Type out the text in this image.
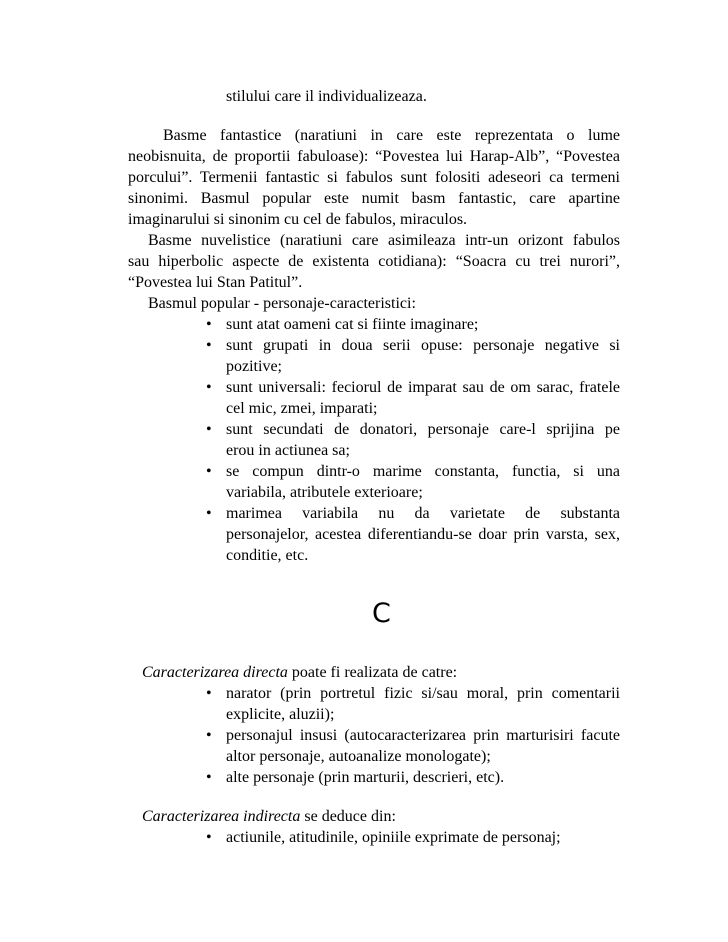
stilului care il individualizeaza.
Basme fantastice (naratiuni in care este reprezentata o lume
neobisnuita, de proportii fabuloase): “Povestea lui Harap-Alb”, “Povestea
porcului”. Termenii fantastic si fabulos sunt folositi adeseori ca termeni
sinonimi. Basmul popular este numit basm fantastic, care apartine
imaginarului si sinonim cu cel de fabulos, miraculos.
Basme nuvelistice (naratiuni care asimileaza intr-un orizont fabulos
sau hiperbolic aspecte de existenta cotidiana): “Soacra cu trei nurori”,
“Povestea lui Stan Patitul”.
Basmul popular - personaje-caracteristici:
• sunt atat oameni cat si fiinte imaginare;
• sunt grupati in doua serii opuse: personaje negative si
pozitive;
• sunt universali: feciorul de imparat sau de om sarac, fratele
cel mic, zmei, imparati;
• sunt secundati de donatori, personaje care-l sprijina pe
erou in actiunea sa;
• se compun dintr-o marime constanta, functia, si una
variabila, atributele exterioare;
• marimea variabila nu da varietate de substanta
personajelor, acestea diferentiandu-se doar prin varsta, sex,
conditie, etc.
C
Caracterizarea directa poate fi realizata de catre:
• narator (prin portretul fizic si/sau moral, prin comentarii
explicite, aluzii);
• personajul insusi (autocaracterizarea prin marturisiri facute
altor personaje, autoanalize monologate);
• alte personaje (prin marturii, descrieri, etc).
Caracterizarea indirecta se deduce din:
• actiunile, atitudinile, opiniile exprimate de personaj;
